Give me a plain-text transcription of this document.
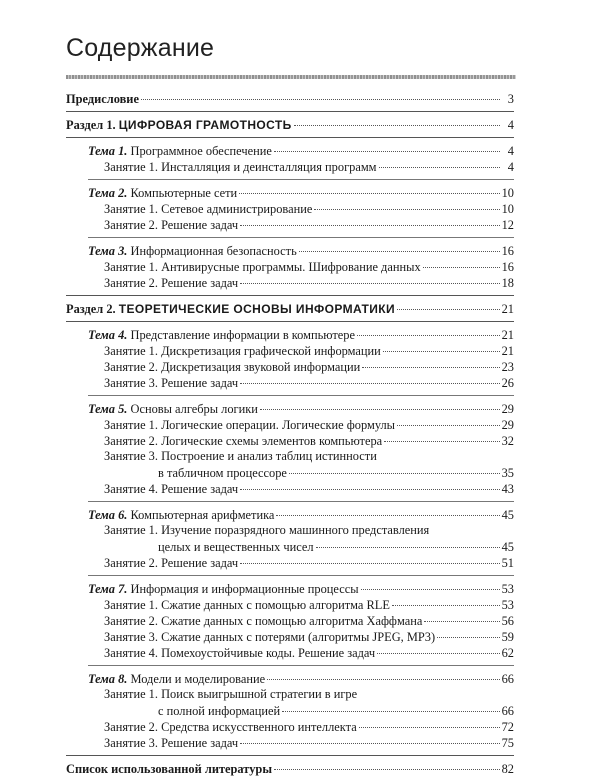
Содержание
Предисловие	3
Раздел 1. ЦИФРОВАЯ ГРАМОТНОСТЬ	4
Тема 1. Программное обеспечение	4
Занятие 1. Инсталляция и деинсталляция программ	4
Тема 2. Компьютерные сети	10
Занятие 1. Сетевое администрирование	10
Занятие 2. Решение задач	12
Тема 3. Информационная безопасность	16
Занятие 1. Антивирусные программы. Шифрование данных	16
Занятие 2. Решение задач	18
Раздел 2. ТЕОРЕТИЧЕСКИЕ ОСНОВЫ ИНФОРМАТИКИ	21
Тема 4. Представление информации в компьютере	21
Занятие 1. Дискретизация графической информации	21
Занятие 2. Дискретизация звуковой информации	23
Занятие 3. Решение задач	26
Тема 5. Основы алгебры логики	29
Занятие 1. Логические операции. Логические формулы	29
Занятие 2. Логические схемы элементов компьютера	32
Занятие 3. Построение и анализ таблиц истинности
в табличном процессоре	35
Занятие 4. Решение задач	43
Тема 6. Компьютерная арифметика	45
Занятие 1. Изучение поразрядного машинного представления
целых и вещественных чисел	45
Занятие 2. Решение задач	51
Тема 7. Информация и информационные процессы	53
Занятие 1. Сжатие данных с помощью алгоритма RLE	53
Занятие 2. Сжатие данных с помощью алгоритма Хаффмана	56
Занятие 3. Сжатие данных с потерями (алгоритмы JPEG, MP3)	59
Занятие 4. Помехоустойчивые коды. Решение задач	62
Тема 8. Модели и моделирование	66
Занятие 1. Поиск выигрышной стратегии в игре
с полной информацией	66
Занятие 2. Средства искусственного интеллекта	72
Занятие 3. Решение задач	75
Список использованной литературы	82
